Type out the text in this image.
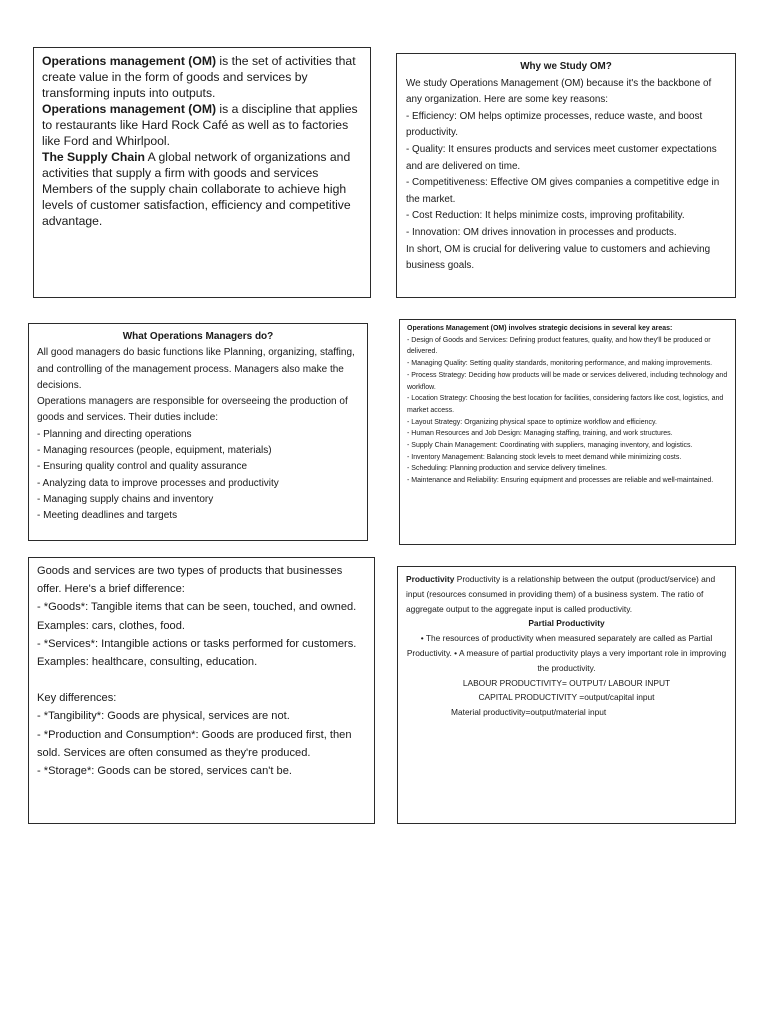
Operations management (OM) is the set of activities that create value in the form of goods and services by transforming inputs into outputs.

Operations management (OM) is a discipline that applies to restaurants like Hard Rock Café as well as to factories like Ford and Whirlpool.

The Supply Chain A global network of organizations and activities that supply a firm with goods and services Members of the supply chain collaborate to achieve high levels of customer satisfaction, efficiency and competitive advantage.

Why we Study OM?

We study Operations Management (OM) because it's the backbone of any organization. Here are some key reasons:

- Efficiency: OM helps optimize processes, reduce waste, and boost productivity.

- Quality: It ensures products and services meet customer expectations and are delivered on time.

- Competitiveness: Effective OM gives companies a competitive edge in the market.

- Cost Reduction: It helps minimize costs, improving profitability.

- Innovation: OM drives innovation in processes and products.

In short, OM is crucial for delivering value to customers and achieving business goals.

What Operations Managers do?

All good managers do basic functions like Planning, organizing, staffing, and controlling of the management process. Managers also make the decisions.

Operations managers are responsible for overseeing the production of goods and services. Their duties include:

- Planning and directing operations

- Managing resources (people, equipment, materials)

- Ensuring quality control and quality assurance

- Analyzing data to improve processes and productivity

- Managing supply chains and inventory

- Meeting deadlines and targets

Operations Management (OM) involves strategic decisions in several key areas:

- Design of Goods and Services: Defining product features, quality, and how they'll be produced or delivered.

- Managing Quality: Setting quality standards, monitoring performance, and making improvements.

- Process Strategy: Deciding how products will be made or services delivered, including technology and workflow.

- Location Strategy: Choosing the best location for facilities, considering factors like cost, logistics, and market access.

- Layout Strategy: Organizing physical space to optimize workflow and efficiency.

- Human Resources and Job Design: Managing staffing, training, and work structures.

- Supply Chain Management: Coordinating with suppliers, managing inventory, and logistics.

- Inventory Management: Balancing stock levels to meet demand while minimizing costs.

- Scheduling: Planning production and service delivery timelines.

- Maintenance and Reliability: Ensuring equipment and processes are reliable and well-maintained.

Goods and services are two types of products that businesses offer. Here's a brief difference:

- *Goods*: Tangible items that can be seen, touched, and owned. Examples: cars, clothes, food.

- *Services*: Intangible actions or tasks performed for customers. Examples: healthcare, consulting, education.

Key differences:

- *Tangibility*: Goods are physical, services are not.

- *Production and Consumption*: Goods are produced first, then sold. Services are often consumed as they're produced.

- *Storage*: Goods can be stored, services can't be.

Productivity Productivity is a relationship between the output (product/service) and input (resources consumed in providing them) of a business system. The ratio of aggregate output to the aggregate input is called productivity.

Partial Productivity

• The resources of productivity when measured separately are called as Partial Productivity. • A measure of partial productivity plays a very important role in improving the productivity.

LABOUR PRODUCTIVITY= OUTPUT/ LABOUR INPUT

CAPITAL PRODUCTIVITY =output/capital input

Material productivity=output/material input
